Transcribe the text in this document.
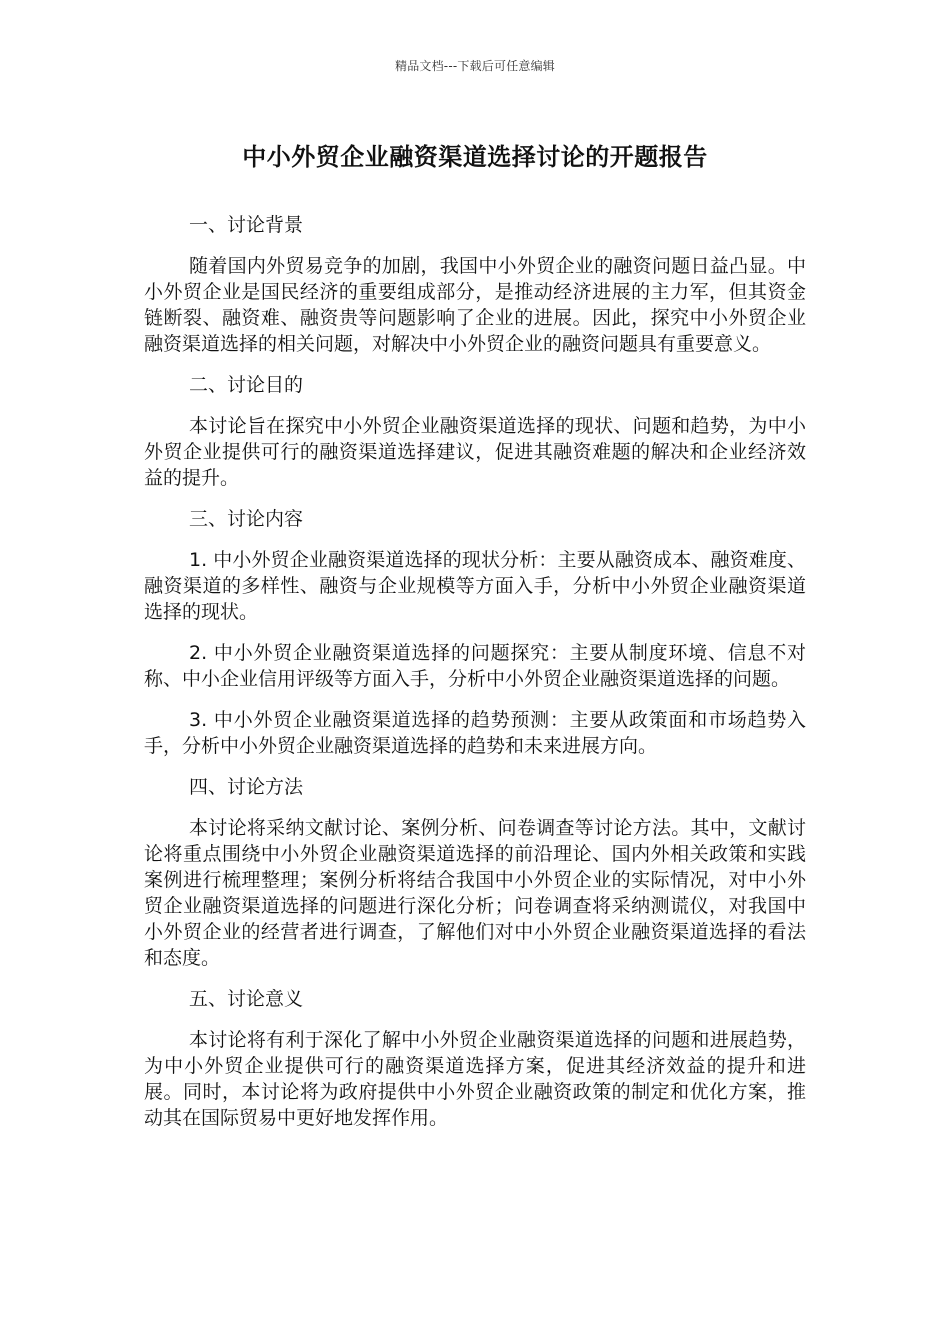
精品文档---下载后可任意编辑
中小外贸企业融资渠道选择讨论的开题报告
一、讨论背景

随着国内外贸易竞争的加剧，我国中小外贸企业的融资问题日益凸显。中小外贸企业是国民经济的重要组成部分，是推动经济进展的主力军，但其资金链断裂、融资难、融资贵等问题影响了企业的进展。因此，探究中小外贸企业融资渠道选择的相关问题，对解决中小外贸企业的融资问题具有重要意义。

二、讨论目的

本讨论旨在探究中小外贸企业融资渠道选择的现状、问题和趋势，为中小外贸企业提供可行的融资渠道选择建议，促进其融资难题的解决和企业经济效益的提升。

三、讨论内容

1. 中小外贸企业融资渠道选择的现状分析：主要从融资成本、融资难度、融资渠道的多样性、融资与企业规模等方面入手，分析中小外贸企业融资渠道选择的现状。

2. 中小外贸企业融资渠道选择的问题探究：主要从制度环境、信息不对称、中小企业信用评级等方面入手，分析中小外贸企业融资渠道选择的问题。

3. 中小外贸企业融资渠道选择的趋势预测：主要从政策面和市场趋势入手，分析中小外贸企业融资渠道选择的趋势和未来进展方向。

四、讨论方法

本讨论将采纳文献讨论、案例分析、问卷调查等讨论方法。其中，文献讨论将重点围绕中小外贸企业融资渠道选择的前沿理论、国内外相关政策和实践案例进行梳理整理；案例分析将结合我国中小外贸企业的实际情况，对中小外贸企业融资渠道选择的问题进行深化分析；问卷调查将采纳测谎仪，对我国中小外贸企业的经营者进行调查，了解他们对中小外贸企业融资渠道选择的看法和态度。

五、讨论意义

本讨论将有利于深化了解中小外贸企业融资渠道选择的问题和进展趋势，为中小外贸企业提供可行的融资渠道选择方案，促进其经济效益的提升和进展。同时，本讨论将为政府提供中小外贸企业融资政策的制定和优化方案，推动其在国际贸易中更好地发挥作用。
